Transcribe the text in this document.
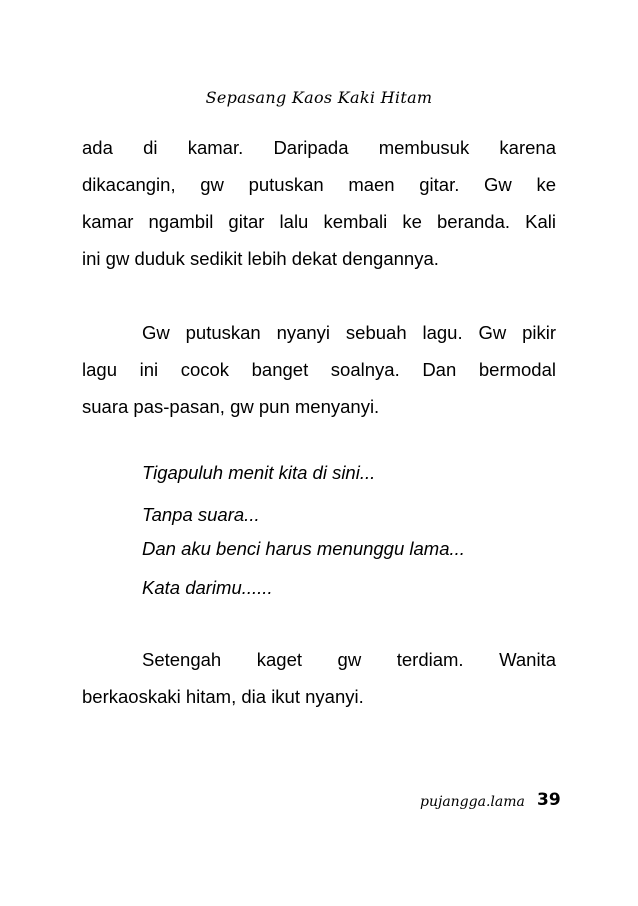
Sepasang Kaos Kaki Hitam
ada di kamar. Daripada membusuk karena
dikacangin, gw putuskan maen gitar. Gw ke
kamar ngambil gitar lalu kembali ke beranda. Kali
ini gw duduk sedikit lebih dekat dengannya.
Gw putuskan nyanyi sebuah lagu. Gw pikir
lagu ini cocok banget soalnya. Dan bermodal
suara pas-pasan, gw pun menyanyi.
Tigapuluh menit kita di sini...
Tanpa suara...
Dan aku benci harus menunggu lama...
Kata darimu......
Setengah kaget gw terdiam. Wanita
berkaoskaki hitam, dia ikut nyanyi.
pujangga.lama 39
